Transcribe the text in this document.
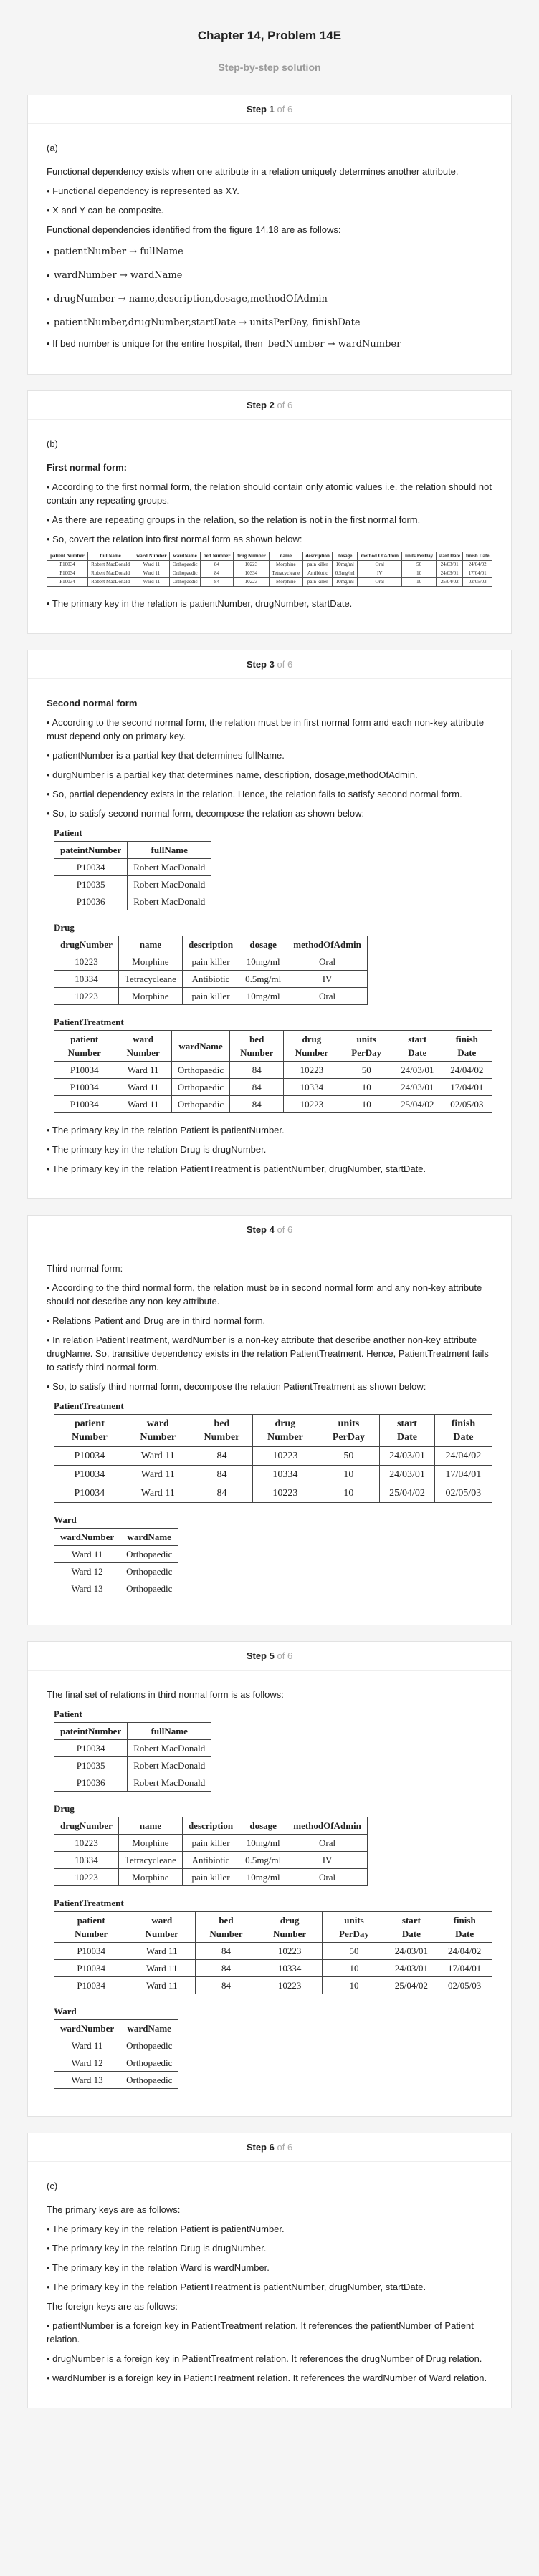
Chapter 14, Problem 14E
Step-by-step solution
Step 1 of 6

(a)

Functional dependency exists when one attribute in a relation uniquely determines another attribute.

• Functional dependency is represented as XY.

• X and Y can be composite.

Functional dependencies identified from the figure 14.18 are as follows:

• patientNumber → fullName
• wardNumber → wardName
• drugNumber → name,description,dosage,methodOfAdmin
• patientNumber,drugNumber,startDate → unitsPerDay, finishDate

• If bed number is unique for the entire hospital, then bedNumber → wardNumber

Step 2 of 6

(b)

First normal form:

• According to the first normal form, the relation should contain only atomic values i.e. the relation should not contain any repeating groups.

• As there are repeating groups in the relation, so the relation is not in the first normal form.

• So, covert the relation into first normal form as shown below:

patient Number	full Name	ward Number	wardName	bed Number	drug Number	name	description	dosage	method OfAdmin	units PerDay	start Date	finish Date
P10034	Robert MacDonald	Ward 11	Orthopaedic	84	10223	Morphine	pain killer	10mg/ml	Oral	50	24/03/01	24/04/02
P10034	Robert MacDonald	Ward 11	Orthopaedic	84	10334	Tetracycleane	Antibiotic	0.5mg/ml	IV	10	24/03/01	17/04/01
P10034	Robert MacDonald	Ward 11	Orthopaedic	84	10223	Morphine	pain killer	10mg/ml	Oral	10	25/04/02	02/05/03

• The primary key in the relation is patientNumber, drugNumber, startDate.

Step 3 of 6

Second normal form

• According to the second normal form, the relation must be in first normal form and each non-key attribute must depend only on primary key.

• patientNumber is a partial key that determines fullName.

• durgNumber is a partial key that determines name, description, dosage,methodOfAdmin.

• So, partial dependency exists in the relation. Hence, the relation fails to satisfy second normal form.

• So, to satisfy second normal form, decompose the relation as shown below:

Patient
pateintNumber	fullName
P10034	Robert MacDonald
P10035	Robert MacDonald
P10036	Robert MacDonald
Drug
drugNumber	name	description	dosage	methodOfAdmin
10223	Morphine	pain killer	10mg/ml	Oral
10334	Tetracycleane	Antibiotic	0.5mg/ml	IV
10223	Morphine	pain killer	10mg/ml	Oral
PatientTreatment
patient Number	ward Number	wardName	bed Number	drug Number	units PerDay	start Date	finish Date
P10034	Ward 11	Orthopaedic	84	10223	50	24/03/01	24/04/02
P10034	Ward 11	Orthopaedic	84	10334	10	24/03/01	17/04/01
P10034	Ward 11	Orthopaedic	84	10223	10	25/04/02	02/05/03

• The primary key in the relation Patient is patientNumber.

• The primary key in the relation Drug is drugNumber.

• The primary key in the relation PatientTreatment is patientNumber, drugNumber, startDate.

Step 4 of 6

Third normal form:

• According to the third normal form, the relation must be in second normal form and any non-key attribute should not describe any non-key attribute.

• Relations Patient and Drug are in third normal form.

• In relation PatientTreatment, wardNumber is a non-key attribute that describe another non-key attribute drugName. So, transitive dependency exists in the relation PatientTreatment. Hence, PatientTreatment fails to satisfy third normal form.

• So, to satisfy third normal form, decompose the relation PatientTreatment as shown below:

PatientTreatment
patient Number	ward Number	bed Number	drug Number	units PerDay	start Date	finish Date
P10034	Ward 11	84	10223	50	24/03/01	24/04/02
P10034	Ward 11	84	10334	10	24/03/01	17/04/01
P10034	Ward 11	84	10223	10	25/04/02	02/05/03
Ward
wardNumber	wardName
Ward 11	Orthopaedic
Ward 12	Orthopaedic
Ward 13	Orthopaedic
Step 5 of 6

The final set of relations in third normal form is as follows:

Patient
pateintNumber	fullName
P10034	Robert MacDonald
P10035	Robert MacDonald
P10036	Robert MacDonald
Drug
drugNumber	name	description	dosage	methodOfAdmin
10223	Morphine	pain killer	10mg/ml	Oral
10334	Tetracycleane	Antibiotic	0.5mg/ml	IV
10223	Morphine	pain killer	10mg/ml	Oral
PatientTreatment
patient Number	ward Number	bed Number	drug Number	units PerDay	start Date	finish Date
P10034	Ward 11	84	10223	50	24/03/01	24/04/02
P10034	Ward 11	84	10334	10	24/03/01	17/04/01
P10034	Ward 11	84	10223	10	25/04/02	02/05/03
Ward
wardNumber	wardName
Ward 11	Orthopaedic
Ward 12	Orthopaedic
Ward 13	Orthopaedic
Step 6 of 6

(c)

The primary keys are as follows:

• The primary key in the relation Patient is patientNumber.

• The primary key in the relation Drug is drugNumber.

• The primary key in the relation Ward is wardNumber.

• The primary key in the relation PatientTreatment is patientNumber, drugNumber, startDate.

The foreign keys are as follows:

• patientNumber is a foreign key in PatientTreatment relation. It references the patientNumber of Patient relation.

• drugNumber is a foreign key in PatientTreatment relation. It references the drugNumber of Drug relation.

• wardNumber is a foreign key in PatientTreatment relation. It references the wardNumber of Ward relation.
